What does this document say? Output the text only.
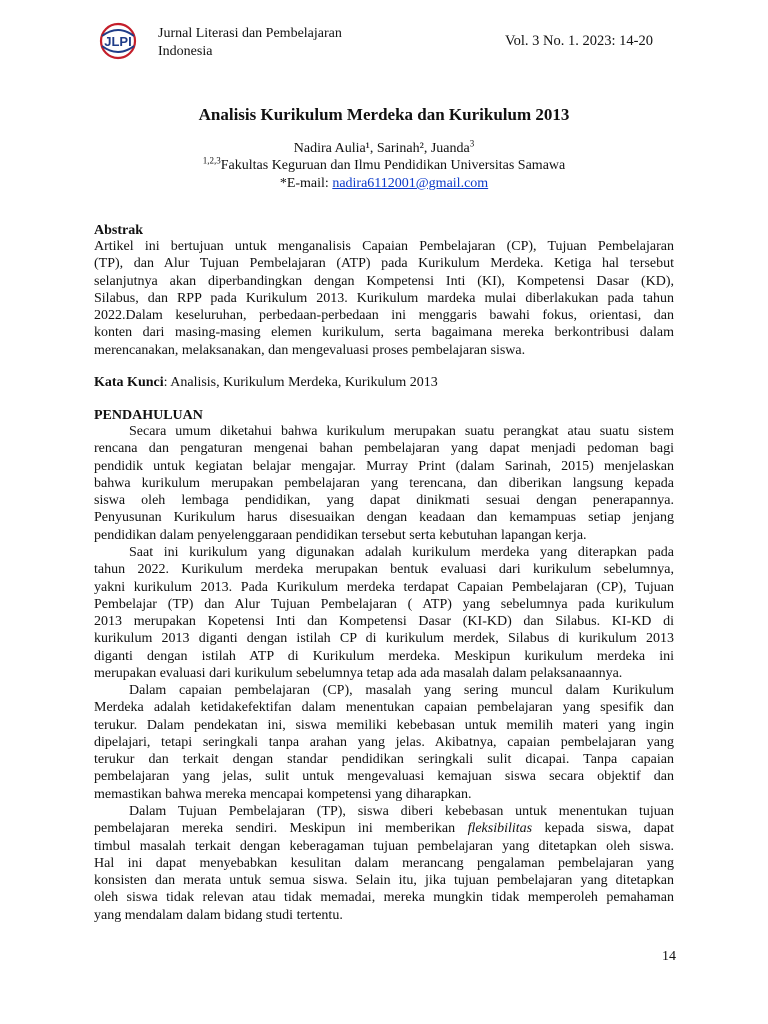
JLPI
Jurnal Literasi dan Pembelajaran
Indonesia
Vol. 3 No. 1. 2023: 14-20
Analisis Kurikulum Merdeka dan Kurikulum 2013
Nadira Aulia¹, Sarinah², Juanda$^3$
$^{1,2,3}$Fakultas Keguruan dan Ilmu Pendidikan Universitas Samawa
*E-mail: nadira6112001@gmail.com
Abstrak
Artikel ini bertujuan untuk menganalisis Capaian Pembelajaran (CP), Tujuan Pembelajaran
(TP), dan Alur Tujuan Pembelajaran (ATP) pada Kurikulum Merdeka. Ketiga hal tersebut
selanjutnya akan diperbandingkan dengan Kompetensi Inti (KI), Kompetensi Dasar (KD),
Silabus, dan RPP pada Kurikulum 2013. Kurikulum mardeka mulai diberlakukan pada tahun
2022.Dalam keseluruhan, perbedaan-perbedaan ini menggaris bawahi fokus, orientasi, dan
konten dari masing-masing elemen kurikulum, serta bagaimana mereka berkontribusi dalam
merencanakan, melaksanakan, dan mengevaluasi proses pembelajaran siswa.
Kata Kunci: Analisis, Kurikulum Merdeka, Kurikulum 2013
PENDAHULUAN
Secara umum diketahui bahwa kurikulum merupakan suatu perangkat atau suatu sistem
rencana dan pengaturan mengenai bahan pembelajaran yang dapat menjadi pedoman bagi
pendidik untuk kegiatan belajar mengajar. Murray Print (dalam Sarinah, 2015) menjelaskan
bahwa kurikulum merupakan pembelajaran yang terencana, dan diberikan langsung kepada
siswa oleh lembaga pendidikan, yang dapat dinikmati sesuai dengan penerapannya.
Penyusunan Kurikulum harus disesuaikan dengan keadaan dan kemampuas setiap jenjang
pendidikan dalam penyelenggaraan pendidikan tersebut serta kebutuhan lapangan kerja.
Saat ini kurikulum yang digunakan adalah kurikulum merdeka yang diterapkan pada
tahun 2022. Kurikulum merdeka merupakan bentuk evaluasi dari kurikulum sebelumnya,
yakni kurikulum 2013. Pada Kurikulum merdeka terdapat Capaian Pembelajaran (CP), Tujuan
Pembelajar (TP) dan Alur Tujuan Pembelajaran ( ATP) yang sebelumnya pada kurikulum
2013 merupakan Kopetensi Inti dan Kompetensi Dasar (KI-KD) dan Silabus. KI-KD di
kurikulum 2013 diganti dengan istilah CP di kurikulum merdek, Silabus di kurikulum 2013
diganti dengan istilah ATP di Kurikulum merdeka. Meskipun kurikulum merdeka ini
merupakan evaluasi dari kurikulum sebelumnya tetap ada ada masalah dalam pelaksanaannya.
Dalam capaian pembelajaran (CP), masalah yang sering muncul dalam Kurikulum
Merdeka adalah ketidakefektifan dalam menentukan capaian pembelajaran yang spesifik dan
terukur. Dalam pendekatan ini, siswa memiliki kebebasan untuk memilih materi yang ingin
dipelajari, tetapi seringkali tanpa arahan yang jelas. Akibatnya, capaian pembelajaran yang
terukur dan terkait dengan standar pendidikan seringkali sulit dicapai. Tanpa capaian
pembelajaran yang jelas, sulit untuk mengevaluasi kemajuan siswa secara objektif dan
memastikan bahwa mereka mencapai kompetensi yang diharapkan.
Dalam Tujuan Pembelajaran (TP), siswa diberi kebebasan untuk menentukan tujuan
pembelajaran mereka sendiri. Meskipun ini memberikan fleksibilitas kepada siswa, dapat
timbul masalah terkait dengan keberagaman tujuan pembelajaran yang ditetapkan oleh siswa.
Hal ini dapat menyebabkan kesulitan dalam merancang pengalaman pembelajaran yang
konsisten dan merata untuk semua siswa. Selain itu, jika tujuan pembelajaran yang ditetapkan
oleh siswa tidak relevan atau tidak memadai, mereka mungkin tidak memperoleh pemahaman
yang mendalam dalam bidang studi tertentu.
14
